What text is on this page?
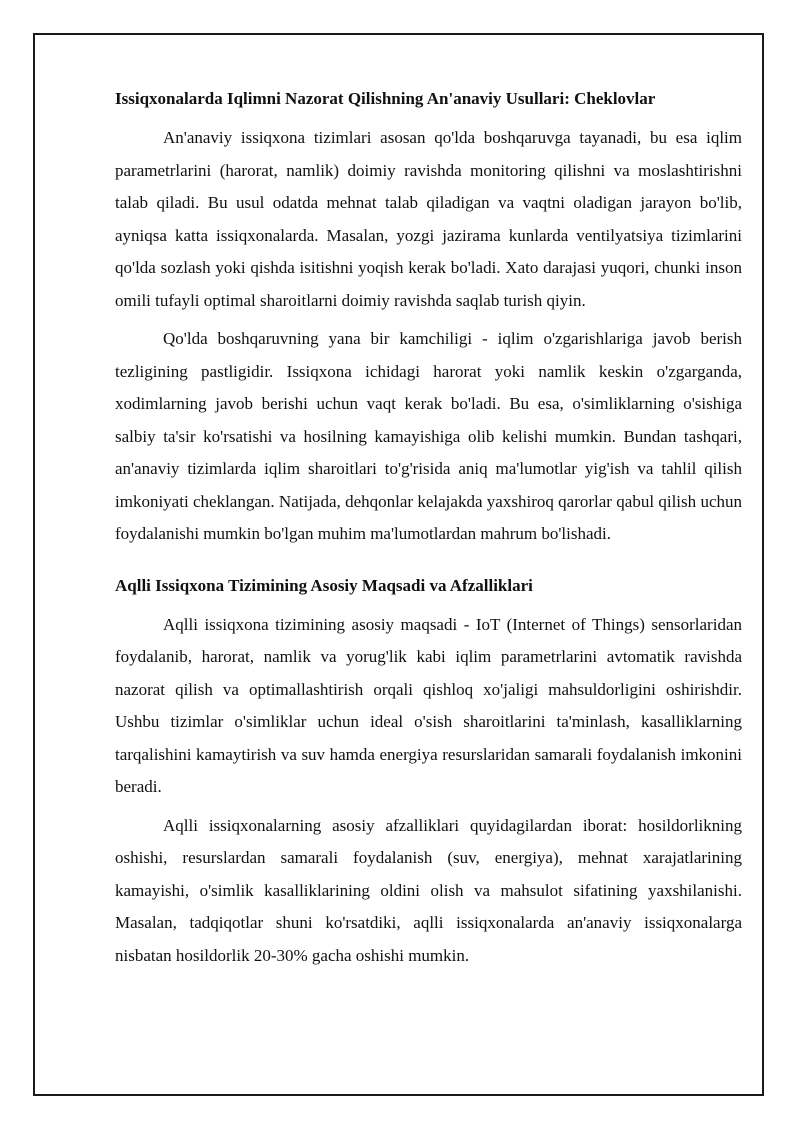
Issiqxonalarda Iqlimni Nazorat Qilishning An'anaviy Usullari: Cheklovlar

An'anaviy issiqxona tizimlari asosan qo'lda boshqaruvga tayanadi, bu esa iqlim parametrlarini (harorat, namlik) doimiy ravishda monitoring qilishni va moslashtirishni talab qiladi. Bu usul odatda mehnat talab qiladigan va vaqtni oladigan jarayon bo'lib, ayniqsa katta issiqxonalarda. Masalan, yozgi jazirama kunlarda ventilyatsiya tizimlarini qo'lda sozlash yoki qishda isitishni yoqish kerak bo'ladi. Xato darajasi yuqori, chunki inson omili tufayli optimal sharoitlarni doimiy ravishda saqlab turish qiyin.

Qo'lda boshqaruvning yana bir kamchiligi - iqlim o'zgarishlariga javob berish tezligining pastligidir. Issiqxona ichidagi harorat yoki namlik keskin o'zgarganda, xodimlarning javob berishi uchun vaqt kerak bo'ladi. Bu esa, o'simliklarning o'sishiga salbiy ta'sir ko'rsatishi va hosilning kamayishiga olib kelishi mumkin. Bundan tashqari, an'anaviy tizimlarda iqlim sharoitlari to'g'risida aniq ma'lumotlar yig'ish va tahlil qilish imkoniyati cheklangan. Natijada, dehqonlar kelajakda yaxshiroq qarorlar qabul qilish uchun foydalanishi mumkin bo'lgan muhim ma'lumotlardan mahrum bo'lishadi.

Aqlli Issiqxona Tizimining Asosiy Maqsadi va Afzalliklari

Aqlli issiqxona tizimining asosiy maqsadi - IoT (Internet of Things) sensorlaridan foydalanib, harorat, namlik va yorug'lik kabi iqlim parametrlarini avtomatik ravishda nazorat qilish va optimallashtirish orqali qishloq xo'jaligi mahsuldorligini oshirishdir. Ushbu tizimlar o'simliklar uchun ideal o'sish sharoitlarini ta'minlash, kasalliklarning tarqalishini kamaytirish va suv hamda energiya resurslaridan samarali foydalanish imkonini beradi.

Aqlli issiqxonalarning asosiy afzalliklari quyidagilardan iborat: hosildorlikning oshishi, resurslardan samarali foydalanish (suv, energiya), mehnat xarajatlarining kamayishi, o'simlik kasalliklarining oldini olish va mahsulot sifatining yaxshilanishi. Masalan, tadqiqotlar shuni ko'rsatdiki, aqlli issiqxonalarda an'anaviy issiqxonalarga nisbatan hosildorlik 20-30% gacha oshishi mumkin.
